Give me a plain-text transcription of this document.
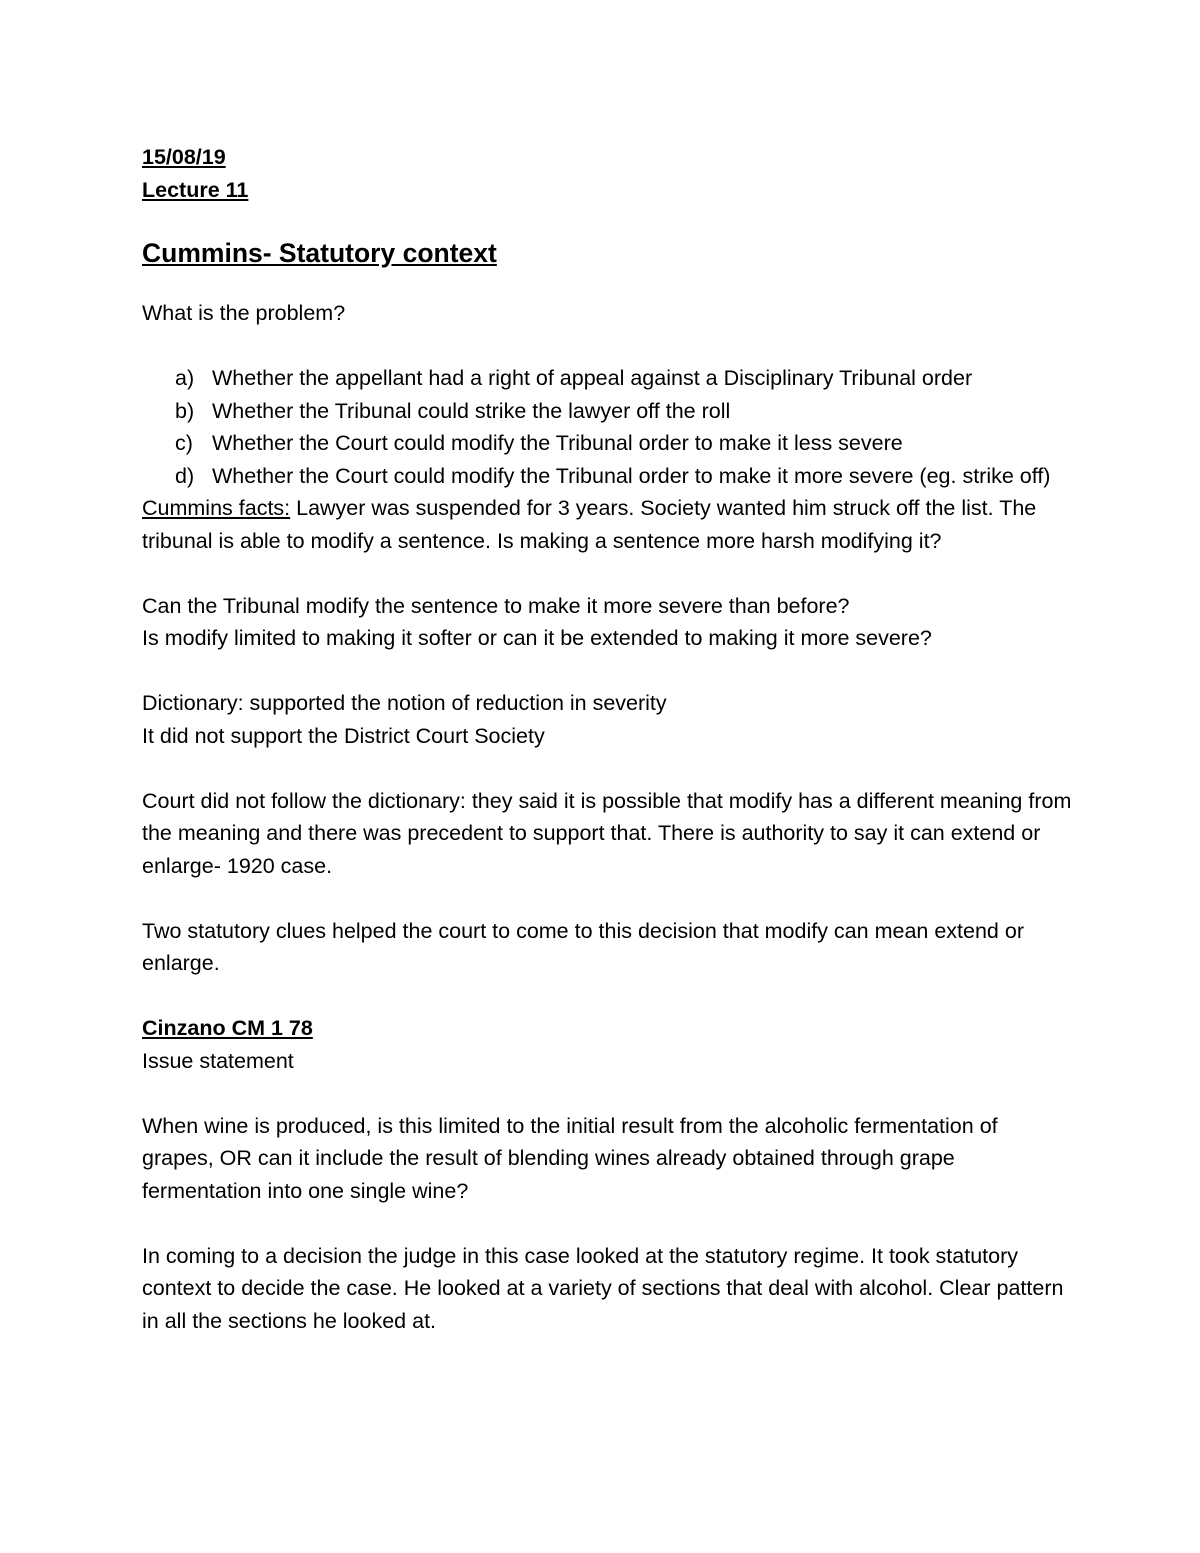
15/08/19

Lecture 11

Cummins- Statutory context

What is the problem?

a) Whether the appellant had a right of appeal against a Disciplinary Tribunal order
b) Whether the Tribunal could strike the lawyer off the roll
c) Whether the Court could modify the Tribunal order to make it less severe
d) Whether the Court could modify the Tribunal order to make it more severe (eg. strike off)

Cummins facts: Lawyer was suspended for 3 years. Society wanted him struck off the list. The tribunal is able to modify a sentence. Is making a sentence more harsh modifying it?

Can the Tribunal modify the sentence to make it more severe than before?

Is modify limited to making it softer or can it be extended to making it more severe?

Dictionary: supported the notion of reduction in severity

It did not support the District Court Society

Court did not follow the dictionary: they said it is possible that modify has a different meaning from the meaning and there was precedent to support that. There is authority to say it can extend or enlarge- 1920 case.

Two statutory clues helped the court to come to this decision that modify can mean extend or enlarge.

Cinzano CM 1 78

Issue statement

When wine is produced, is this limited to the initial result from the alcoholic fermentation of grapes, OR can it include the result of blending wines already obtained through grape fermentation into one single wine?

In coming to a decision the judge in this case looked at the statutory regime. It took statutory context to decide the case. He looked at a variety of sections that deal with alcohol. Clear pattern in all the sections he looked at.
